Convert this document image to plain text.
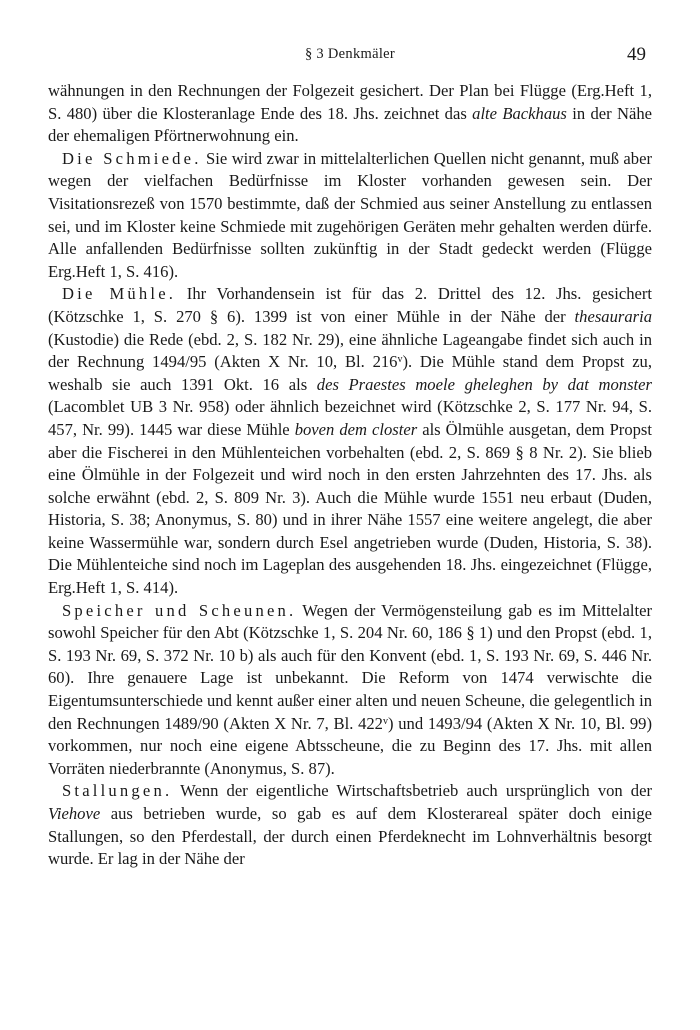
§ 3 Denkmäler	49

wähnungen in den Rechnungen der Folgezeit gesichert. Der Plan bei Flügge (Erg.Heft 1, S. 480) über die Klosteranlage Ende des 18. Jhs. zeichnet das alte Backhaus in der Nähe der ehemaligen Pförtnerwohnung ein.

Die Schmiede. Sie wird zwar in mittelalterlichen Quellen nicht genannt, muß aber wegen der vielfachen Bedürfnisse im Kloster vorhanden gewesen sein. Der Visitationsrezeß von 1570 bestimmte, daß der Schmied aus seiner Anstellung zu entlassen sei, und im Kloster keine Schmiede mit zugehörigen Geräten mehr gehalten werden dürfe. Alle anfallenden Bedürfnisse sollten zukünftig in der Stadt gedeckt werden (Flügge Erg.Heft 1, S. 416).

Die Mühle. Ihr Vorhandensein ist für das 2. Drittel des 12. Jhs. gesichert (Kötzschke 1, S. 270 § 6). 1399 ist von einer Mühle in der Nähe der thesauraria (Kustodie) die Rede (ebd. 2, S. 182 Nr. 29), eine ähnliche Lageangabe findet sich auch in der Rechnung 1494/95 (Akten X Nr. 10, Bl. 216$^v$). Die Mühle stand dem Propst zu, weshalb sie auch 1391 Okt. 16 als des Praestes moele gheleghen by dat monster (Lacomblet UB 3 Nr. 958) oder ähnlich bezeichnet wird (Kötzschke 2, S. 177 Nr. 94, S. 457, Nr. 99). 1445 war diese Mühle boven dem closter als Ölmühle ausgetan, dem Propst aber die Fischerei in den Mühlenteichen vorbehalten (ebd. 2, S. 869 § 8 Nr. 2). Sie blieb eine Ölmühle in der Folgezeit und wird noch in den ersten Jahrzehnten des 17. Jhs. als solche erwähnt (ebd. 2, S. 809 Nr. 3). Auch die Mühle wurde 1551 neu erbaut (Duden, Historia, S. 38; Anonymus, S. 80) und in ihrer Nähe 1557 eine weitere angelegt, die aber keine Wassermühle war, sondern durch Esel angetrieben wurde (Duden, Historia, S. 38). Die Mühlenteiche sind noch im Lageplan des ausgehenden 18. Jhs. eingezeichnet (Flügge, Erg.Heft 1, S. 414).

Speicher und Scheunen. Wegen der Vermögensteilung gab es im Mittelalter sowohl Speicher für den Abt (Kötzschke 1, S. 204 Nr. 60, 186 § 1) und den Propst (ebd. 1, S. 193 Nr. 69, S. 372 Nr. 10 b) als auch für den Konvent (ebd. 1, S. 193 Nr. 69, S. 446 Nr. 60). Ihre genauere Lage ist unbekannt. Die Reform von 1474 verwischte die Eigentumsunterschiede und kennt außer einer alten und neuen Scheune, die gelegentlich in den Rechnungen 1489/90 (Akten X Nr. 7, Bl. 422$^v$) und 1493/94 (Akten X Nr. 10, Bl. 99) vorkommen, nur noch eine eigene Abtsscheune, die zu Beginn des 17. Jhs. mit allen Vorräten niederbrannte (Anonymus, S. 87).

Stallungen. Wenn der eigentliche Wirtschaftsbetrieb auch ursprünglich von der Viehove aus betrieben wurde, so gab es auf dem Klosterareal später doch einige Stallungen, so den Pferdestall, der durch einen Pferdeknecht im Lohnverhältnis besorgt wurde. Er lag in der Nähe der
